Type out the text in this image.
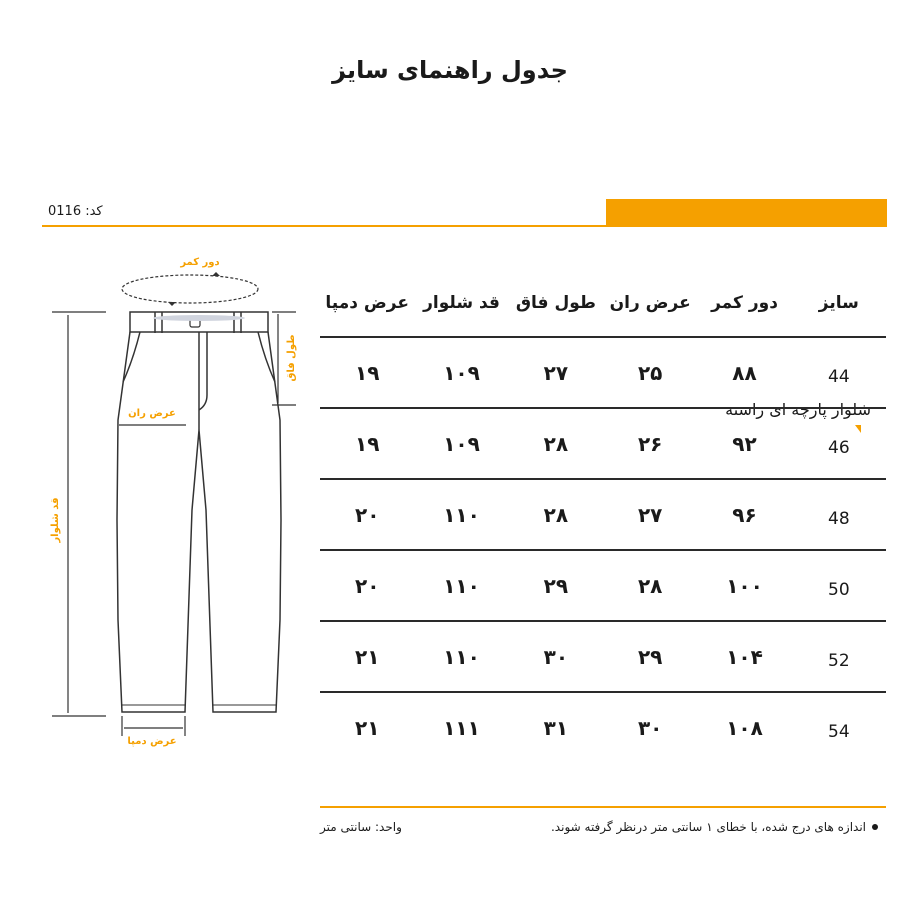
جدول راهنمای سایز
کد: 0116
شلوار پارچه ای راسته
دور کمر
طول فاق
عرض ران
قد شلوار
عرض دمپا
سایز
دور کمر
عرض ران
طول فاق
قد شلوار
عرض دمپا
44
۸۸
۲۵
۲۷
۱۰۹
۱۹
46
۹۲
۲۶
۲۸
۱۰۹
۱۹
48
۹۶
۲۷
۲۸
۱۱۰
۲۰
50
۱۰۰
۲۸
۲۹
۱۱۰
۲۰
52
۱۰۴
۲۹
۳۰
۱۱۰
۲۱
54
۱۰۸
۳۰
۳۱
۱۱۱
۲۱
اندازه های درج شده، با خطای ۱ سانتی متر درنظر گرفته شوند.
واحد: سانتی متر
